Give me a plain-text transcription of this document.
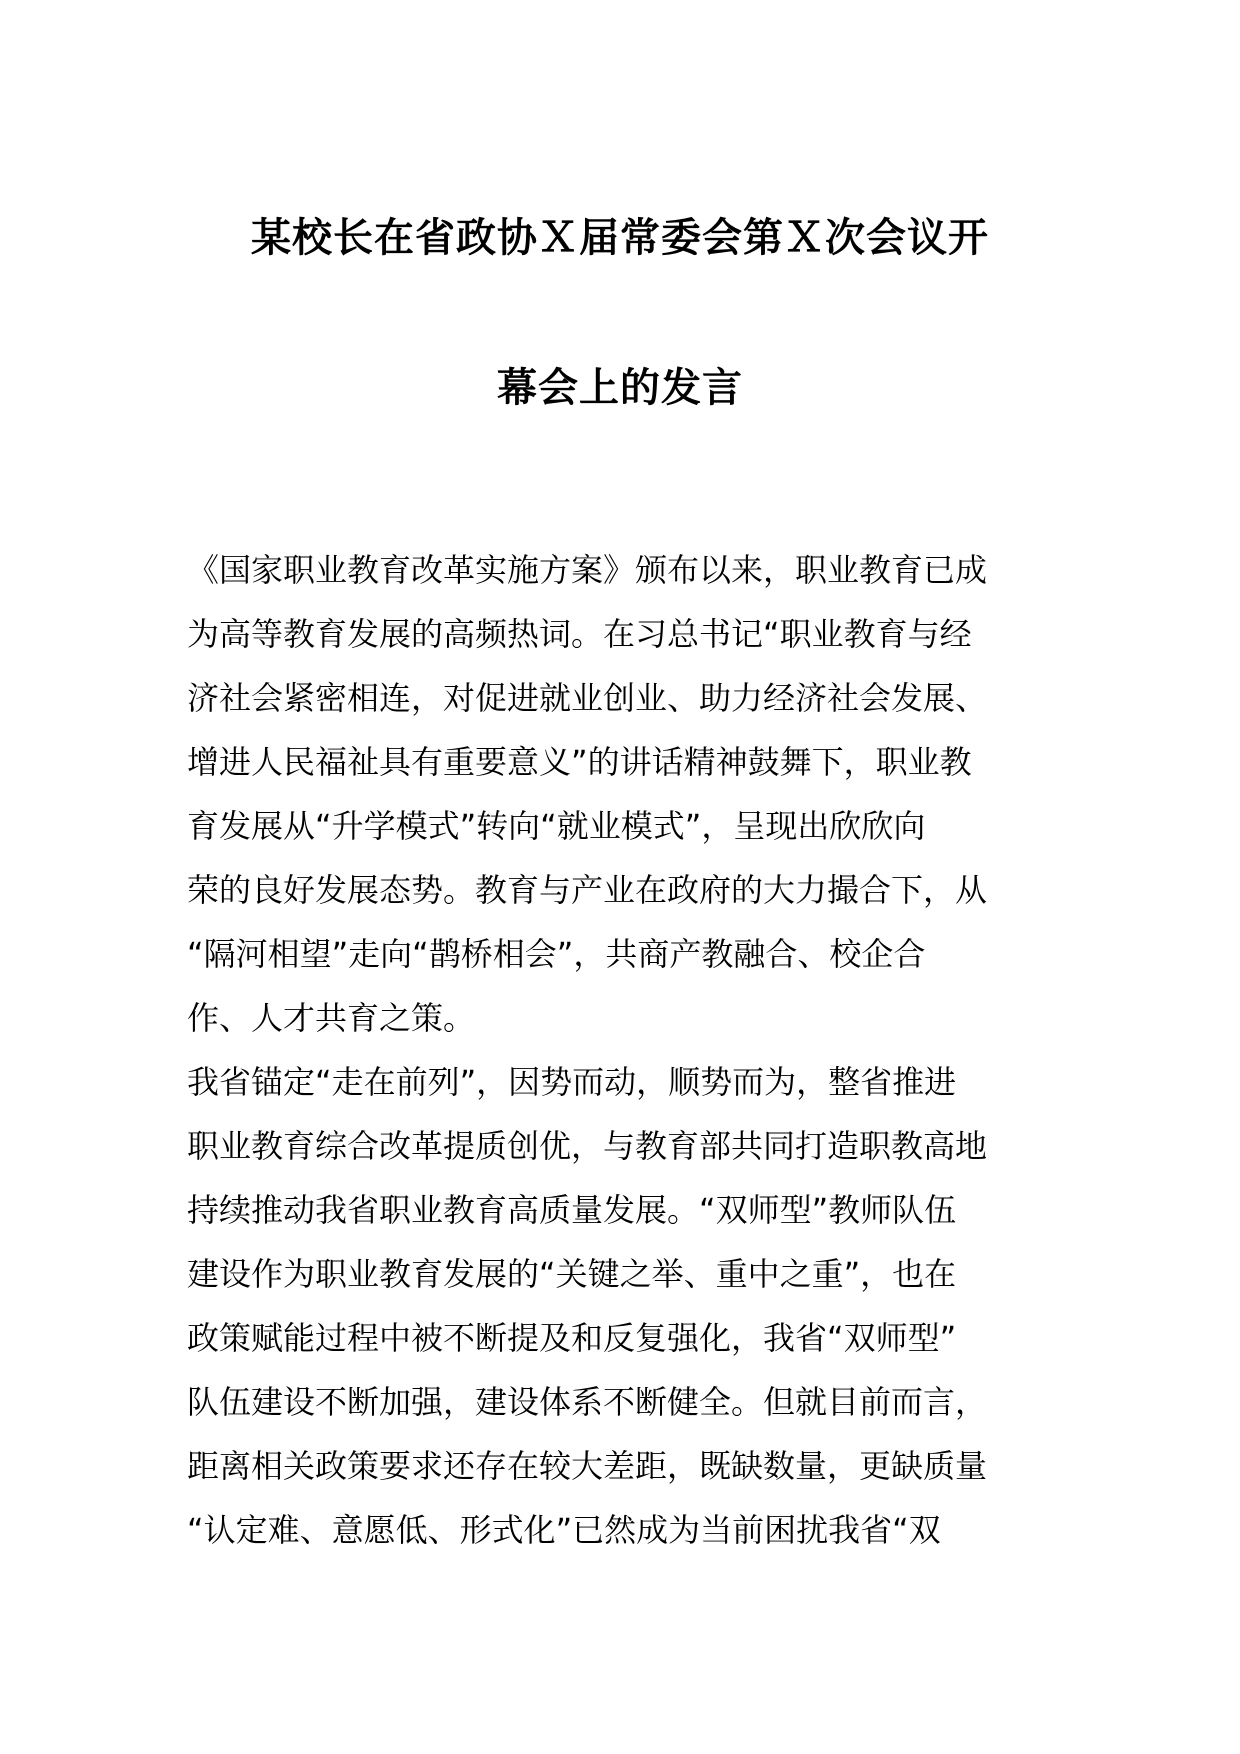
某校长在省政协Ｘ届常委会第Ｘ次会议开
幕会上的发言
《国家职业教育改革实施方案》颁布以来，职业教育已成
为高等教育发展的高频热词。在习总书记“职业教育与经
济社会紧密相连，对促进就业创业、助力经济社会发展、
增进人民福祉具有重要意义”的讲话精神鼓舞下，职业教
育发展从“升学模式”转向“就业模式”，呈现出欣欣向
荣的良好发展态势。教育与产业在政府的大力撮合下，从
“隔河相望”走向“鹊桥相会”，共商产教融合、校企合
作、人才共育之策。
我省锚定“走在前列”，因势而动，顺势而为，整省推进
职业教育综合改革提质创优，与教育部共同打造职教高地
持续推动我省职业教育高质量发展。“双师型”教师队伍
建设作为职业教育发展的“关键之举、重中之重”，也在
政策赋能过程中被不断提及和反复强化，我省“双师型”
队伍建设不断加强，建设体系不断健全。但就目前而言，
距离相关政策要求还存在较大差距，既缺数量，更缺质量
“认定难、意愿低、形式化”已然成为当前困扰我省“双
